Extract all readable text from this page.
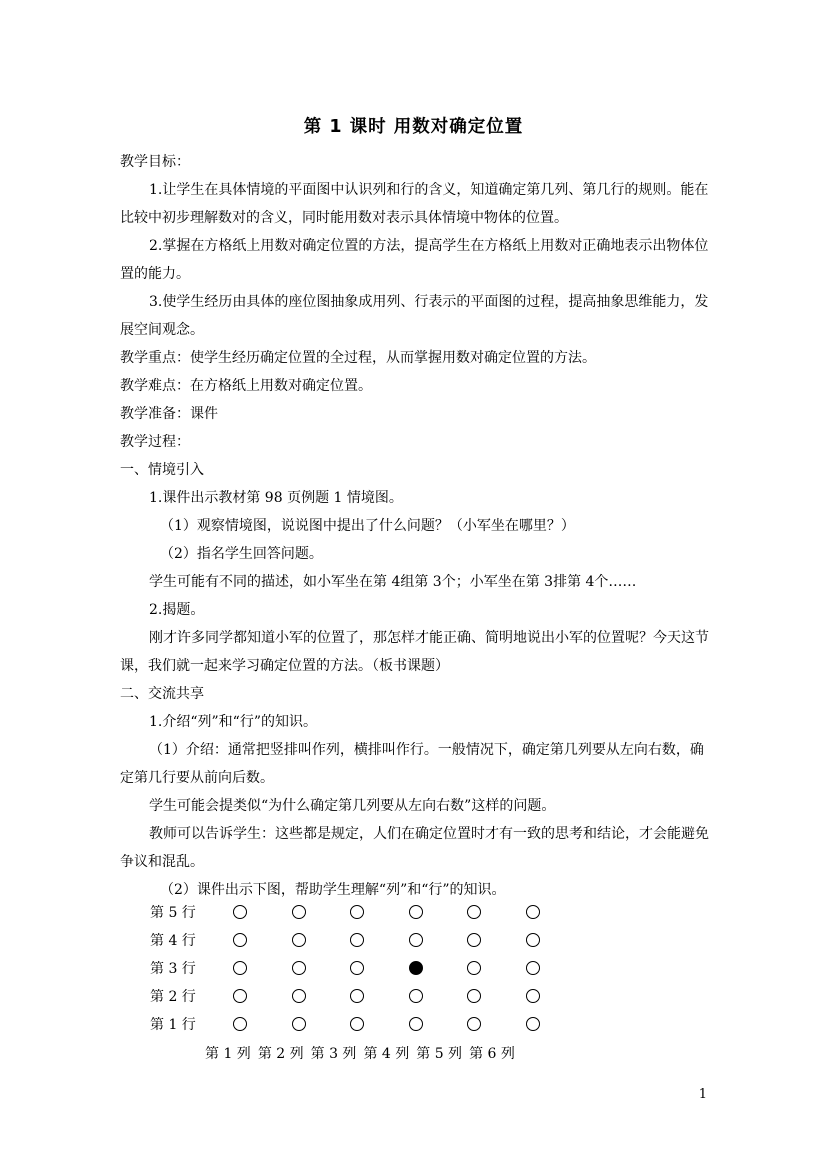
第 1 课时 用数对确定位置

教学目标：

1.让学生在具体情境的平面图中认识列和行的含义，知道确定第几列、第几行的规则。能在比较中初步理解数对的含义，同时能用数对表示具体情境中物体的位置。

2.掌握在方格纸上用数对确定位置的方法，提高学生在方格纸上用数对正确地表示出物体位置的能力。

3.使学生经历由具体的座位图抽象成用列、行表示的平面图的过程，提高抽象思维能力，发展空间观念。

教学重点：使学生经历确定位置的全过程，从而掌握用数对确定位置的方法。

教学难点：在方格纸上用数对确定位置。

教学准备：课件

教学过程：

一、情境引入

1.课件出示教材第 98 页例题 1 情境图。

（1）观察情境图，说说图中提出了什么问题？（小军坐在哪里？）

（2）指名学生回答问题。

学生可能有不同的描述，如小军坐在第 4组第 3个；小军坐在第 3排第 4个……

2.揭题。

刚才许多同学都知道小军的位置了，那怎样才能正确、简明地说出小军的位置呢？今天这节课，我们就一起来学习确定位置的方法。（板书课题）

二、交流共享

1.介绍“列”和“行”的知识。

（1）介绍：通常把竖排叫作列，横排叫作行。一般情况下，确定第几列要从左向右数，确定第几行要从前向后数。

学生可能会提类似“为什么确定第几列要从左向右数”这样的问题。

教师可以告诉学生：这些都是规定，人们在确定位置时才有一致的思考和结论，才会能避免争议和混乱。

（2）课件出示下图，帮助学生理解“列”和“行”的知识。

第 1 列 第 2 列 第 3 列 第 4 列 第 5 列 第 6 列
第 5 行
第 4 行
第 3 行
第 2 行
第 1 行
1
